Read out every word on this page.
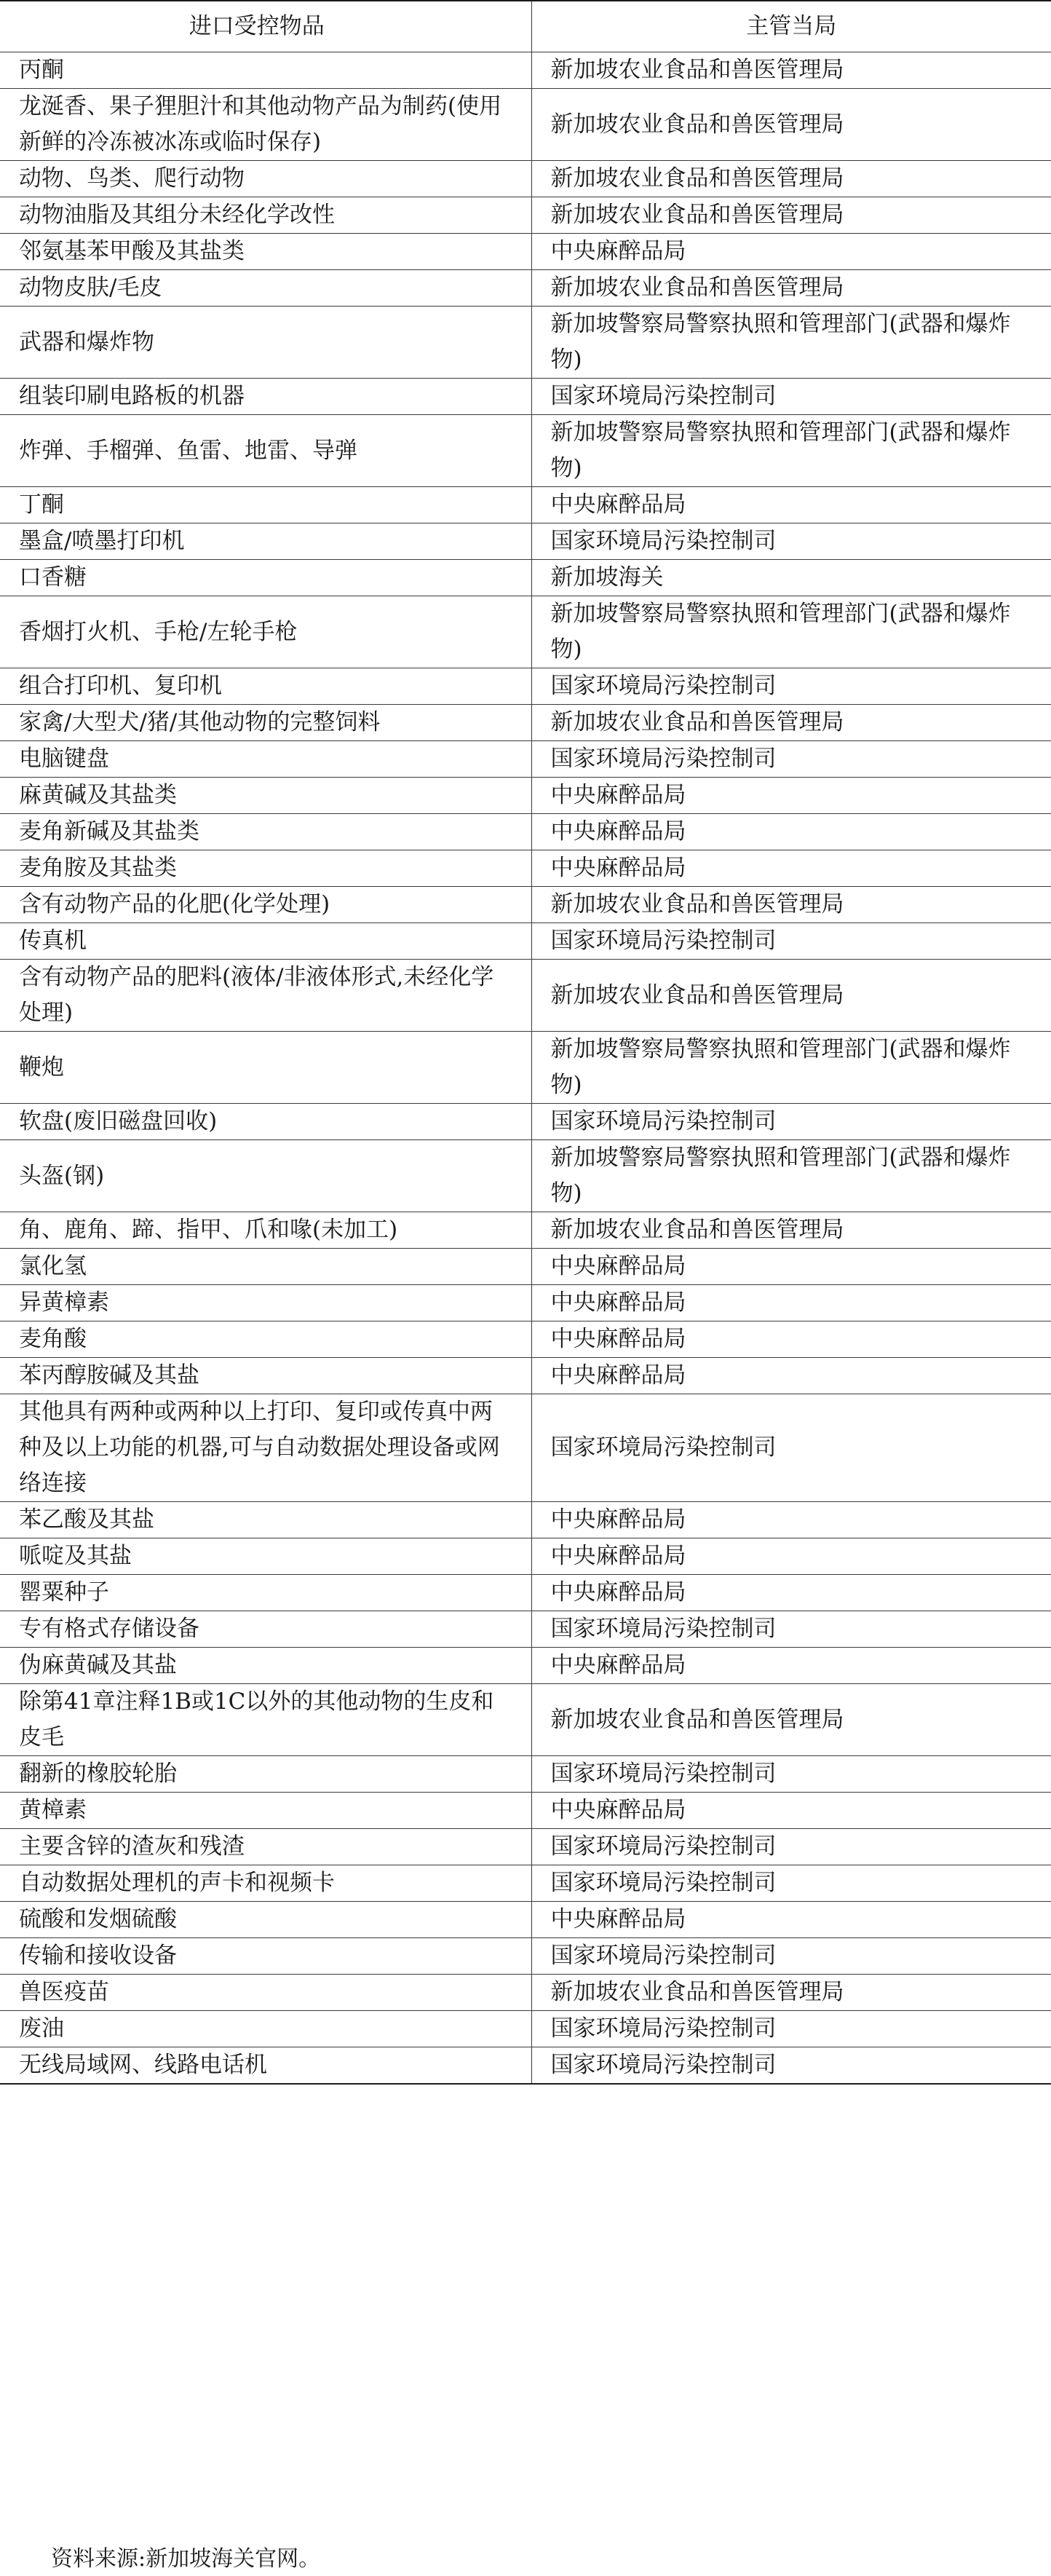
进口受控物品	主管当局
丙酮	新加坡农业食品和兽医管理局
龙涎香、果子狸胆汁和其他动物产品为制药(使用新鲜的冷冻被冰冻或临时保存)	新加坡农业食品和兽医管理局
动物、鸟类、爬行动物	新加坡农业食品和兽医管理局
动物油脂及其组分未经化学改性	新加坡农业食品和兽医管理局
邻氨基苯甲酸及其盐类	中央麻醉品局
动物皮肤/毛皮	新加坡农业食品和兽医管理局
武器和爆炸物	新加坡警察局警察执照和管理部门(武器和爆炸物)
组装印刷电路板的机器	国家环境局污染控制司
炸弹、手榴弹、鱼雷、地雷、导弹	新加坡警察局警察执照和管理部门(武器和爆炸物)
丁酮	中央麻醉品局
墨盒/喷墨打印机	国家环境局污染控制司
口香糖	新加坡海关
香烟打火机、手枪/左轮手枪	新加坡警察局警察执照和管理部门(武器和爆炸物)
组合打印机、复印机	国家环境局污染控制司
家禽/大型犬/猪/其他动物的完整饲料	新加坡农业食品和兽医管理局
电脑键盘	国家环境局污染控制司
麻黄碱及其盐类	中央麻醉品局
麦角新碱及其盐类	中央麻醉品局
麦角胺及其盐类	中央麻醉品局
含有动物产品的化肥(化学处理)	新加坡农业食品和兽医管理局
传真机	国家环境局污染控制司
含有动物产品的肥料(液体/非液体形式,未经化学处理)	新加坡农业食品和兽医管理局
鞭炮	新加坡警察局警察执照和管理部门(武器和爆炸物)
软盘(废旧磁盘回收)	国家环境局污染控制司
头盔(钢)	新加坡警察局警察执照和管理部门(武器和爆炸物)
角、鹿角、蹄、指甲、爪和喙(未加工)	新加坡农业食品和兽医管理局
氯化氢	中央麻醉品局
异黄樟素	中央麻醉品局
麦角酸	中央麻醉品局
苯丙醇胺碱及其盐	中央麻醉品局
其他具有两种或两种以上打印、复印或传真中两种及以上功能的机器,可与自动数据处理设备或网络连接	国家环境局污染控制司
苯乙酸及其盐	中央麻醉品局
哌啶及其盐	中央麻醉品局
罂粟种子	中央麻醉品局
专有格式存储设备	国家环境局污染控制司
伪麻黄碱及其盐	中央麻醉品局
除第41章注释1B或1C以外的其他动物的生皮和皮毛	新加坡农业食品和兽医管理局
翻新的橡胶轮胎	国家环境局污染控制司
黄樟素	中央麻醉品局
主要含锌的渣灰和残渣	国家环境局污染控制司
自动数据处理机的声卡和视频卡	国家环境局污染控制司
硫酸和发烟硫酸	中央麻醉品局
传输和接收设备	国家环境局污染控制司
兽医疫苗	新加坡农业食品和兽医管理局
废油	国家环境局污染控制司
无线局域网、线路电话机	国家环境局污染控制司
资料来源:新加坡海关官网。
